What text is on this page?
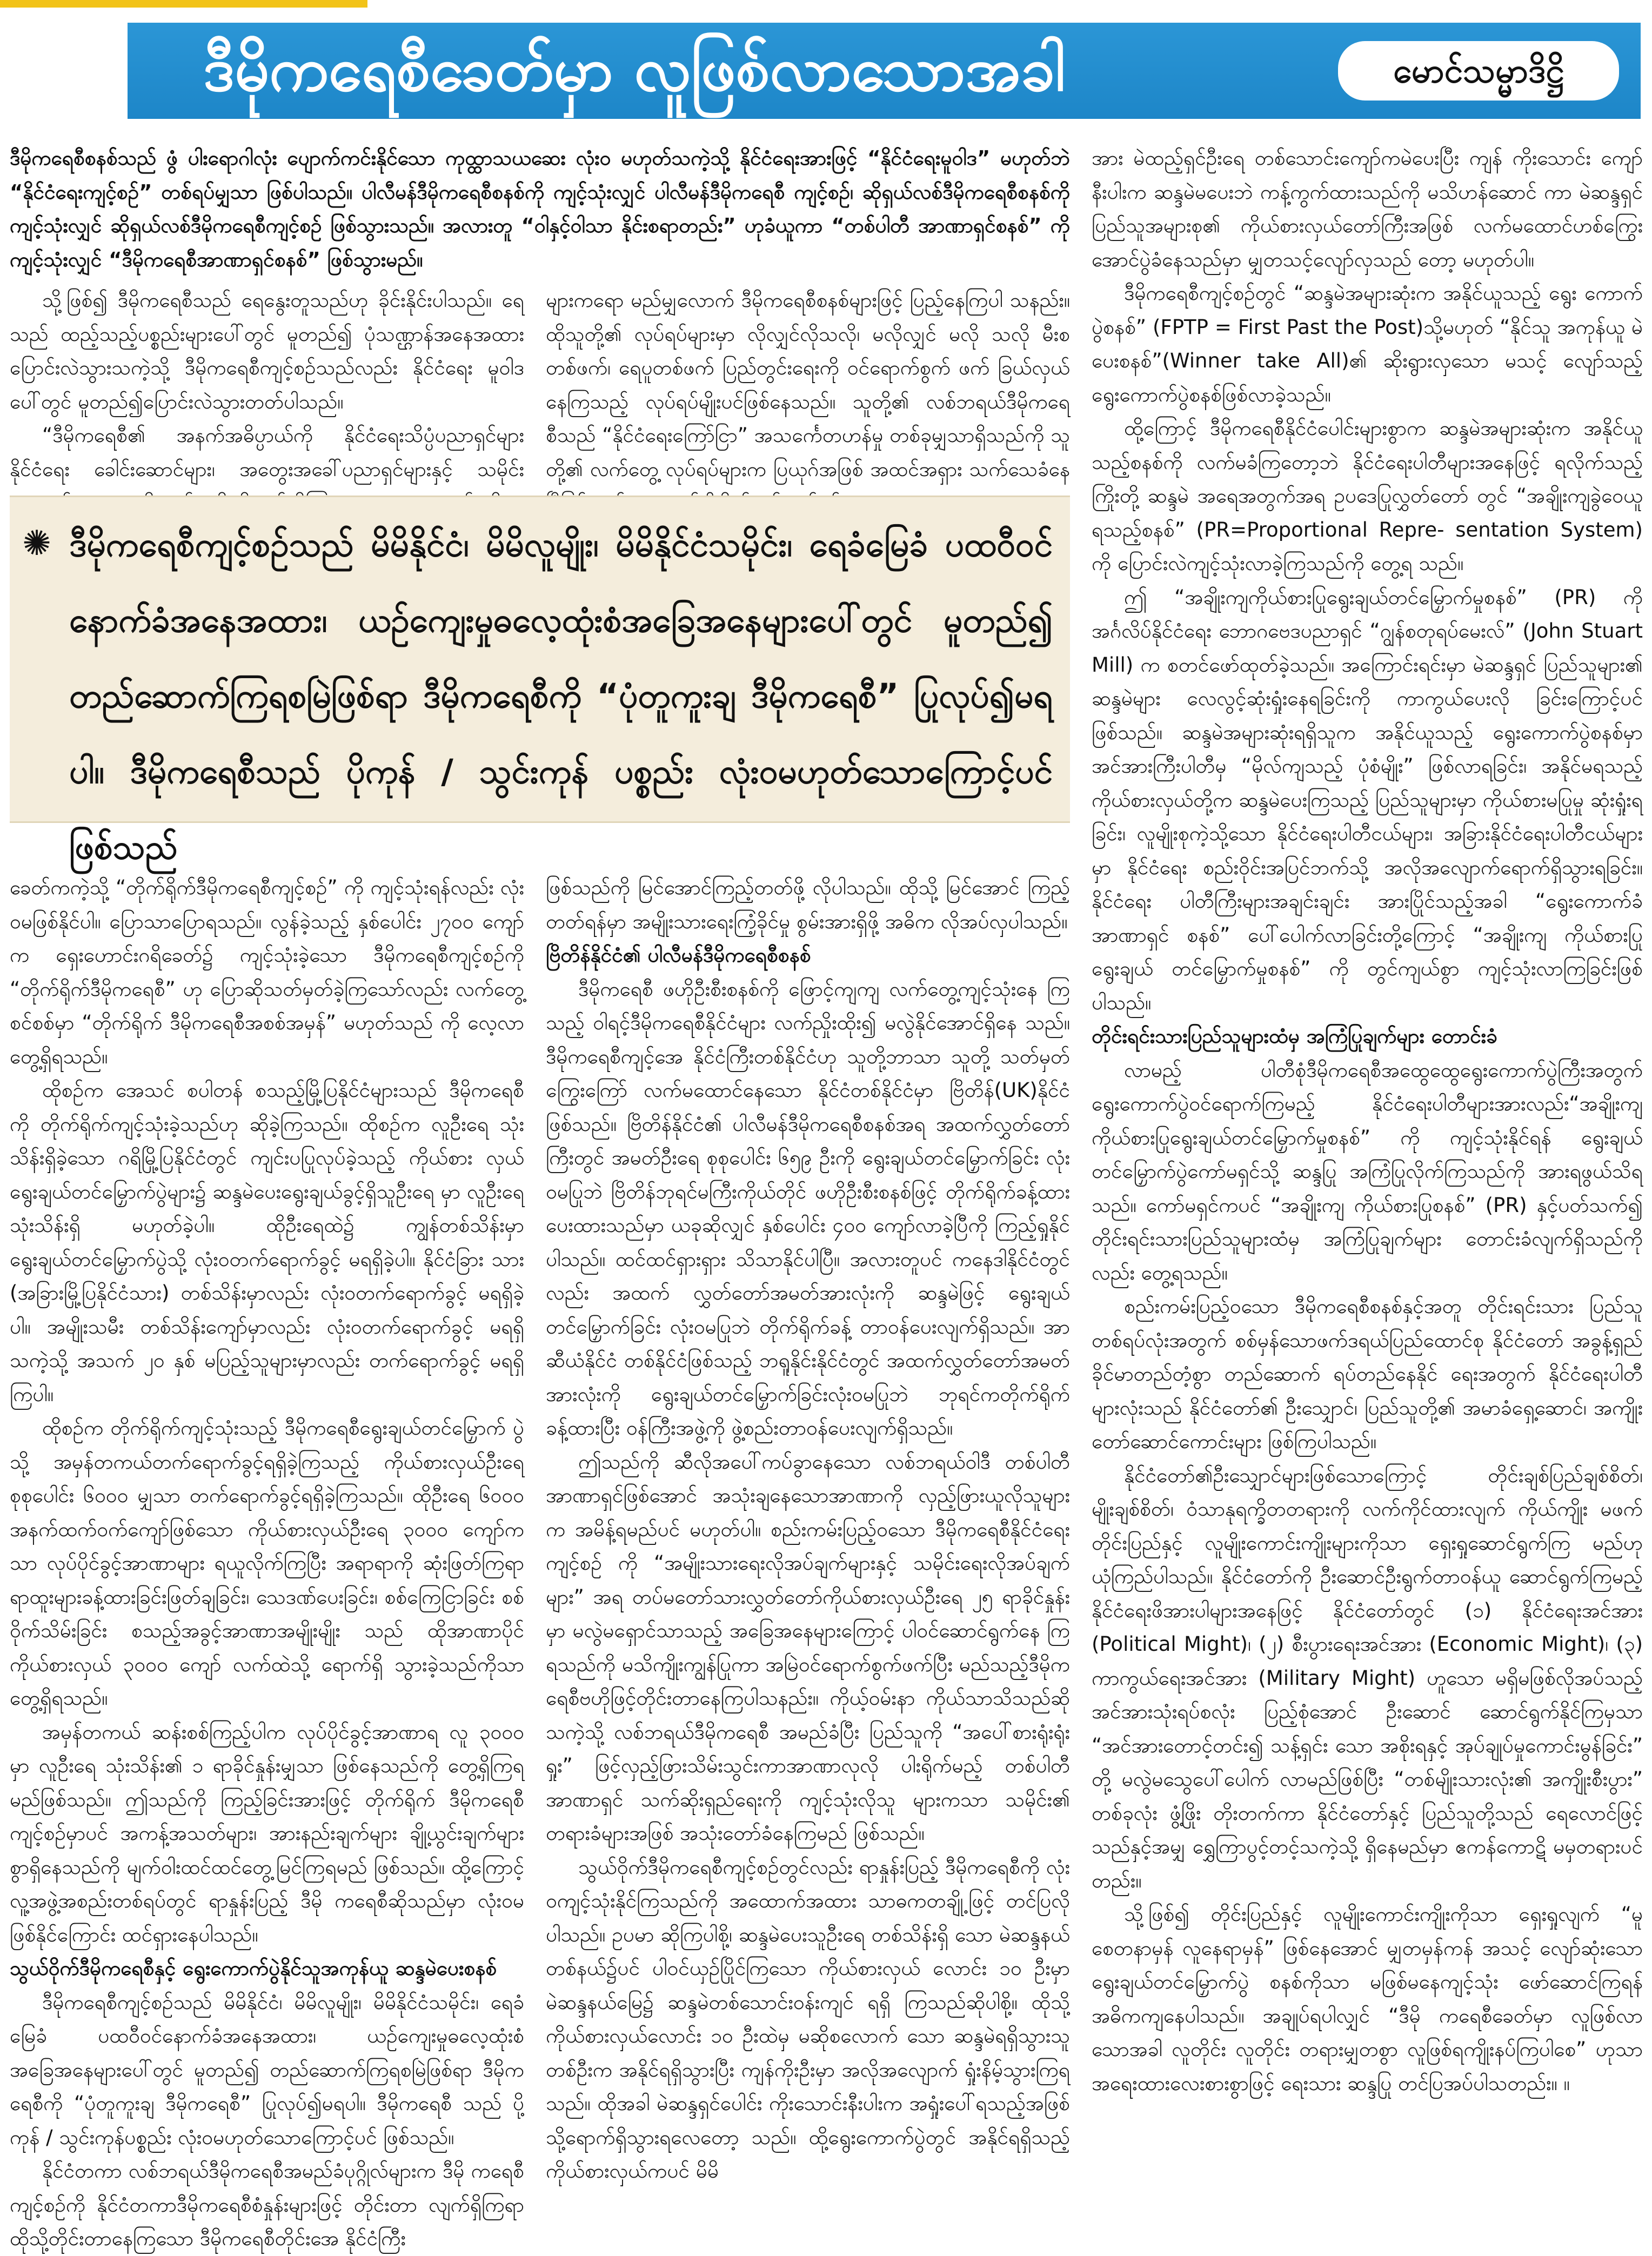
ဒီမိုကရေစီခေတ်မှာ လူဖြစ်လာသောအခါ	မောင်သမ္မာဒိဋ္ဌိ

ဒီမိုကရေစီစနစ်သည် ဖွံ ပါးရောဂါလုံး ပျောက်ကင်းနိုင်သော ကုထ္ထာသယဆေး လုံးဝ မဟုတ်သကဲ့သို့ နိုင်ငံရေးအားဖြင့် “နိုင်ငံရေးမူဝါဒ” မဟုတ်ဘဲ “နိုင်ငံရေးကျင့်စဉ်” တစ်ရပ်မျှသာ ဖြစ်ပါသည်။ ပါလီမန်ဒီမိုကရေစီစနစ်ကို ကျင့်သုံးလျှင် ပါလီမန်ဒီမိုကရေစီ ကျင့်စဉ်၊ ဆိုရှယ်လစ်ဒီမိုကရေစီစနစ်ကို ကျင့်သုံးလျှင် ဆိုရှယ်လစ်ဒီမိုကရေစီကျင့်စဉ် ဖြစ်သွားသည်။ အလားတူ “ဝါနှင့်ဝါသာ နိုင်းစရာတည်း” ဟုခံယူကာ “တစ်ပါတီ အာဏာရှင်စနစ်” ကို ကျင့်သုံးလျှင် “ဒီမိုကရေစီအာဏာရှင်စနစ်” ဖြစ်သွားမည်။

သို့ဖြစ်၍ ဒီမိုကရေစီသည် ရေနွေးတူသည်ဟု ခိုင်းနိုင်းပါသည်။ ရေသည် ထည့်သည့်ပစ္စည်းများပေါ်တွင် မူတည်၍ ပုံသဏ္ဌာန်အနေအထား ပြောင်းလဲသွားသကဲ့သို့ ဒီမိုကရေစီကျင့်စဉ်သည်လည်း နိုင်ငံရေး မူဝါဒပေါ်တွင် မူတည်၍ပြောင်းလဲသွားတတ်ပါသည်။

“ဒီမိုကရေစီ၏ အနက်အဓိပ္ပာယ်ကို နိုင်ငံရေးသိပ္ပံပညာရှင်များ နိုင်ငံရေး ခေါင်းဆောင်များ၊ အတွေးအခေါ်ပညာရှင်များနှင့် သမိုင်း

များကရော မည်မျှလောက် ဒီမိုကရေစီစနစ်များဖြင့် ပြည့်နေကြပါ သနည်း။ ထိုသူတို့၏ လုပ်ရပ်များမှာ လိုလျှင်လိုသလို၊ မလိုလျှင် မလို သလို မီးစ တစ်ဖက်၊ ရေပူတစ်ဖက် ပြည်တွင်းရေးကို ဝင်ရောက်စွက် ဖက် ခြယ်လှယ်နေကြသည့် လုပ်ရပ်မျိုးပင်ဖြစ်နေသည်။ သူတို့၏ လစ်ဘရယ်ဒီမိုကရေစီသည် “နိုင်ငံရေးကြော်ငြာ” အသင်္ကေတဟန်မှု တစ်ခုမျှသာရှိသည်ကို သူတို့၏ လက်တွေ့ လုပ်ရပ်များက ပြယုဂ်အဖြစ် အထင်အရှား သက်သေခံနေ

✺ ဒီမိုကရေစီကျင့်စဉ်သည် မိမိနိုင်ငံ၊ မိမိလူမျိုး၊ မိမိနိုင်ငံသမိုင်း၊ ရေခံမြေခံ ပထဝီဝင်နောက်ခံအနေအထား၊ ယဉ်ကျေးမှုဓလေ့ထုံးစံအခြေအနေများပေါ်တွင် မူတည်၍ တည်ဆောက်ကြရစမြဲဖြစ်ရာ ဒီမိုကရေစီကို “ပုံတူကူးချ ဒီမိုကရေစီ” ပြုလုပ်၍မရပါ။ ဒီမိုကရေစီသည် ပိုကုန် / သွင်းကုန် ပစ္စည်း လုံးဝမဟုတ်သောကြောင့်ပင်ဖြစ်သည်

ခေတ်ကကဲ့သို့ “တိုက်ရိုက်ဒီမိုကရေစီကျင့်စဉ်” ကို ကျင့်သုံးရန်လည်း လုံးဝမဖြစ်နိုင်ပါ။ ပြောသာပြောရသည်။ လွန်ခဲ့သည့် နှစ်ပေါင်း ၂၇၀၀ ကျော်က ရှေးဟောင်းဂရိခေတ်၌ ကျင့်သုံးခဲ့သော ဒီမိုကရေစီကျင့်စဉ်ကို “တိုက်ရိုက်ဒီမိုကရေစီ” ဟု ပြောဆိုသတ်မှတ်ခဲ့ကြသော်လည်း လက်တွေ့စင်စစ်မှာ “တိုက်ရိုက် ဒီမိုကရေစီအစစ်အမှန်” မဟုတ်သည် ကို လေ့လာတွေ့ရှိရသည်။

ထိုစဉ်က အေသင် စပါတန် စသည့်မြို့ပြနိုင်ငံများသည် ဒီမိုကရေစီ ကို တိုက်ရိုက်ကျင့်သုံးခဲ့သည်ဟု ဆိုခဲ့ကြသည်။ ထိုစဉ်က လူဦးရေ သုံးသိန်းရှိခဲ့သော ဂရိမြို့ပြနိုင်ငံတွင် ကျင်းပပြုလုပ်ခဲ့သည့် ကိုယ်စား လှယ် ရွေးချယ်တင်မြှောက်ပွဲများ၌ ဆန္ဒမဲပေးရွေးချယ်ခွင့်ရှိသူဦးရေ မှာ လူဦးရေ သုံးသိန်းရှိ မဟုတ်ခဲ့ပါ။ ထိုဦးရေထဲ၌ ကျွန်တစ်သိန်းမှာ ရွေးချယ်တင်မြှောက်ပွဲသို့ လုံးဝတက်ရောက်ခွင့် မရရှိခဲ့ပါ။ နိုင်ငံခြား သား (အခြားမြို့ပြနိုင်ငံသား) တစ်သိန်းမှာလည်း လုံးဝတက်ရောက်ခွင့် မရရှိခဲ့ပါ။ အမျိုးသမီး တစ်သိန်းကျော်မှာလည်း လုံးဝတက်ရောက်ခွင့် မရရှိသကဲ့သို့ အသက် ၂၀ နှစ် မပြည့်သူများမှာလည်း တက်ရောက်ခွင့် မရရှိကြပါ။

ထိုစဉ်က တိုက်ရိုက်ကျင့်သုံးသည့် ဒီမိုကရေစီရွေးချယ်တင်မြှောက် ပွဲသို့ အမှန်တကယ်တက်ရောက်ခွင့်ရရှိခဲ့ကြသည့် ကိုယ်စားလှယ်ဦးရေ စုစုပေါင်း ၆၀၀၀ မျှသာ တက်ရောက်ခွင့်ရရှိခဲ့ကြသည်။ ထိုဦးရေ ၆၀၀၀ အနက်ထက်ဝက်ကျော်ဖြစ်သော ကိုယ်စားလှယ်ဦးရေ ၃၀၀၀ ကျော်ကသာ လုပ်ပိုင်ခွင့်အာဏာများ ရယူလိုက်ကြပြီး အရာရာကို ဆုံးဖြတ်ကြရာ ရာထူးများခန့်ထားခြင်းဖြတ်ချခြင်း၊ သေဒဏ်ပေးခြင်း၊ စစ်ကြေငြာခြင်း စစ်ဝိုက်သိမ်းခြင်း စသည့်အခွင့်အာဏာအမျိုးမျိုး သည် ထိုအာဏာပိုင်ကိုယ်စားလှယ် ၃၀၀၀ ကျော် လက်ထဲသို့ ရောက်ရှိ သွားခဲ့သည်ကိုသာ တွေ့ရှိရသည်။

အမှန်တကယ် ဆန်းစစ်ကြည့်ပါက လုပ်ပိုင်ခွင့်အာဏာရ လူ ၃၀၀၀ မှာ လူဦးရေ သုံးသိန်း၏ ၁ ရာခိုင်နှုန်းမျှသာ ဖြစ်နေသည်ကို တွေ့ရှိကြရမည်ဖြစ်သည်။ ဤသည်ကို ကြည့်ခြင်းအားဖြင့် တိုက်ရိုက် ဒီမိုကရေစီကျင့်စဉ်မှာပင် အကန့်အသတ်များ၊ အားနည်းချက်များ ချို့ယွင်းချက်များစွာရှိနေသည်ကို မျက်ဝါးထင်ထင်တွေ့မြင်ကြရမည် ဖြစ်သည်။ ထို့ကြောင့် လူ့အဖွဲ့အစည်းတစ်ရပ်တွင် ရာနှုန်းပြည့် ဒီမို ကရေစီဆိုသည်မှာ လုံးဝမဖြစ်နိုင်ကြောင်း ထင်ရှားနေပါသည်။

သွယ်ဝိုက်ဒီမိုကရေစီနှင့် ရွေးကောက်ပွဲနိုင်သူအကုန်ယူ ဆန္ဒမဲပေးစနစ်

ဒီမိုကရေစီကျင့်စဉ်သည် မိမိနိုင်ငံ၊ မိမိလူမျိုး၊ မိမိနိုင်ငံသမိုင်း၊ ရေခံမြေခံ ပထဝီဝင်နောက်ခံအနေအထား၊ ယဉ်ကျေးမှုဓလေ့ထုံးစံ အခြေအနေများပေါ်တွင် မူတည်၍ တည်ဆောက်ကြရစမြဲဖြစ်ရာ ဒီမိုကရေစီကို “ပုံတူကူးချ ဒီမိုကရေစီ” ပြုလုပ်၍မရပါ။ ဒီမိုကရေစီ သည် ပို့ကုန် / သွင်းကုန်ပစ္စည်း လုံးဝမဟုတ်သောကြောင့်ပင် ဖြစ်သည်။

နိုင်ငံတကာ လစ်ဘရယ်ဒီမိုကရေစီအမည်ခံပုဂ္ဂိုလ်များက ဒီမို ကရေစီကျင့်စဉ်ကို နိုင်ငံတကာဒီမိုကရေစီစံနှုန်းများဖြင့် တိုင်းတာ လျက်ရှိကြရာ ထိုသို့တိုင်းတာနေကြသော ဒီမိုကရေစီတိုင်းအေ နိုင်ငံကြီး

ဖြစ်သည်ကို မြင်အောင်ကြည့်တတ်ဖို့ လိုပါသည်။ ထိုသို့ မြင်အောင် ကြည့်တတ်ရန်မှာ အမျိုးသားရေးကြံ့ခိုင်မှု စွမ်းအားရှိဖို့ အဓိက လိုအပ်လှပါသည်။

ဗြိတိန်နိုင်ငံ၏ ပါလီမန်ဒီမိုကရေစီစနစ်

ဒီမိုကရေစီ ဖဟိုဦးစီးစနစ်ကို ဖြောင့်ကျကျ လက်တွေ့ကျင့်သုံးနေ ကြသည့် ဝါရင့်ဒီမိုကရေစီနိုင်ငံများ လက်ညှိုးထိုး၍ မလွဲနိုင်အောင်ရှိနေ သည်။ ဒီမိုကရေစီကျင့်အေ နိုင်ငံကြီးတစ်နိုင်ငံဟု သူတို့ဘာသာ သူတို့ သတ်မှတ်ကြွေးကြော် လက်မထောင်နေသော နိုင်ငံတစ်နိုင်ငံမှာ ဗြိတိန်(UK)နိုင်ငံဖြစ်သည်။ ဗြိတိန်နိုင်ငံ၏ ပါလီမန်ဒီမိုကရေစီစနစ်အရ အထက်လွှတ်တော်ကြီးတွင် အမတ်ဦးရေ စုစုပေါင်း ၆၅၉ ဦးကို ရွေးချယ်တင်မြှောက်ခြင်း လုံးဝမပြုဘဲ ဗြိတိန်ဘုရင်မကြီးကိုယ်တိုင် ဖဟိုဦးစီးစနစ်ဖြင့် တိုက်ရိုက်ခန့်ထားပေးထားသည်မှာ ယခုဆိုလျှင် နှစ်ပေါင်း ၄၀၀ ကျော်လာခဲ့ပြီကို ကြည့်ရှုနိုင်ပါသည်။ ထင်ထင်ရှားရှား သိသာနိုင်ပါပြီ။ အလားတူပင် ကနေဒါနိုင်ငံတွင်လည်း အထက် လွှတ်တော်အမတ်အားလုံးကို ဆန္ဒမဲဖြင့် ရွေးချယ်တင်မြှောက်ခြင်း လုံးဝမပြုဘဲ တိုက်ရိုက်ခန့် တာဝန်ပေးလျက်ရှိသည်။ အာဆီယံနိုင်ငံ တစ်နိုင်ငံဖြစ်သည့် ဘရူနိုင်းနိုင်ငံတွင် အထက်လွှတ်တော်အမတ် အားလုံးကို ရွေးချယ်တင်မြှောက်ခြင်းလုံးဝမပြုဘဲ ဘုရင်ကတိုက်ရိုက် ခန့်ထားပြီး ဝန်ကြီးအဖွဲ့ကို ဖွဲ့စည်းတာဝန်ပေးလျက်ရှိသည်။

ဤသည်ကို ဆီလိုအပေါ်ကပ်ခွာနေသော လစ်ဘရယ်ဝါဒီ တစ်ပါတီ အာဏာရှင်ဖြစ်အောင် အသုံးချနေသောအာဏာကို လှည့်ဖြားယူလိုသူများက အမိန့်ရမည်ပင် မဟုတ်ပါ။ စည်းကမ်းပြည့်ဝသော ဒီမိုကရေစီနိုင်ငံရေးကျင့်စဉ် ကို “အမျိုးသားရေးလိုအပ်ချက်များနှင့် သမိုင်းရေးလိုအပ်ချက်များ” အရ တပ်မတော်သားလွှတ်တော်ကိုယ်စားလှယ်ဦးရေ ၂၅ ရာခိုင်နှုန်း မှာ မလွဲမရှောင်သာသည့် အခြေအနေများကြောင့် ပါဝင်ဆောင်ရွက်နေ ကြရသည်ကို မသိကျိုးကျွန်ပြုကာ အမြဲဝင်ရောက်စွက်ဖက်ပြီး မည်သည့်ဒီမိုကရေစီဗဟိုဖြင့်တိုင်းတာနေကြပါသနည်း။ ကိုယ့်ဝမ်းနာ ကိုယ်သာသိသည်ဆိုသကဲ့သို့ လစ်ဘရယ်ဒီမိုကရေစီ အမည်ခံပြီး ပြည်သူကို “အပေါ်စားရုံးရုံးရှုး” ဖြင့်လှည့်ဖြားသိမ်းသွင်းကာအာဏာလုလို ပါးရိုက်မည့် တစ်ပါတီအာဏာရှင် သက်ဆိုးရှည်ရေးကို ကျင့်သုံးလိုသူ များကသာ သမိုင်း၏ တရားခံများအဖြစ် အသုံးတော်ခံနေကြမည် ဖြစ်သည်။

သွယ်ဝိုက်ဒီမိုကရေစီကျင့်စဉ်တွင်လည်း ရာနှုန်းပြည့် ဒီမိုကရေစီကို လုံးဝကျင့်သုံးနိုင်ကြသည်ကို အထောက်အထား သာဓကတချို့ဖြင့် တင်ပြလိုပါသည်။ ဥပမာ ဆိုကြပါစို့၊ ဆန္ဒမဲပေးသူဦးရေ တစ်သိန်းရှိ သော မဲဆန္ဒနယ်တစ်နယ်၌ပင် ပါဝင်ယှဉ်ပြိုင်ကြသော ကိုယ်စားလှယ် လောင်း ၁၀ ဦးမှာ မဲဆန္ဒနယ်မြေ၌ ဆန္ဒမဲတစ်သောင်းဝန်းကျင် ရရှိ ကြသည်ဆိုပါစို့။ ထိုသို့ကိုယ်စားလှယ်လောင်း ၁၀ ဦးထဲမှ မဆိုစလောက် သော ဆန္ဒမဲရရှိသွားသူတစ်ဦးက အနိုင်ရရှိသွားပြီး ကျန်ကိုးဦးမှာ အလိုအလျောက် ရှုံးနိမ့်သွားကြရသည်။ ထိုအခါ မဲဆန္ဒရှင်ပေါင်း ကိုးသောင်းနီးပါးက အရှုံးပေါ်ရသည့်အဖြစ်သို့ရောက်ရှိသွားရလေတော့ သည်။ ထို့ရွေးကောက်ပွဲတွင် အနိုင်ရရှိသည့် ကိုယ်စားလှယ်ကပင် မိမိ

အား မဲထည့်ရှင်ဦးရေ တစ်သောင်းကျော်ကမဲပေးပြီး ကျန် ကိုးသောင်း ကျော်နီးပါးက ဆန္ဒမဲမပေးဘဲ ကန့်ကွက်ထားသည်ကို မသိဟန်ဆောင် ကာ မဲဆန္ဒရှင်ပြည်သူအများစု၏ ကိုယ်စားလှယ်တော်ကြီးအဖြစ် လက်မထောင်ဟစ်ကြွေးအောင်ပွဲခံနေသည်မှာ မျှတသင့်လျော်လှသည် တော့ မဟုတ်ပါ။

ဒီမိုကရေစီကျင့်စဉ်တွင် “ဆန္ဒမဲအများဆုံးက အနိုင်ယူသည့် ရွေး ကောက်ပွဲစနစ်” (FPTP = First Past the Post)သို့မဟုတ် “နိုင်သူ အကုန်ယူ မဲပေးစနစ်”(Winner take All)၏ ဆိုးရွားလှသော မသင့် လျော်သည့် ရွေးကောက်ပွဲစနစ်ဖြစ်လာခဲ့သည်။

ထို့ကြောင့် ဒီမိုကရေစီနိုင်ငံပေါင်းများစွာက ဆန္ဒမဲအများဆုံးက အနိုင်ယူသည့်စနစ်ကို လက်မခံကြတော့ဘဲ နိုင်ငံရေးပါတီများအနေဖြင့် ရလိုက်သည့်ကြိုးတို့ ဆန္ဒမဲ အရေအတွက်အရ ဥပဒေပြုလွှတ်တော် တွင် “အချိုးကျခွဲဝေယူရသည့်စနစ်” (PR=Proportional Repre- sentation System) ကို ပြောင်းလဲကျင့်သုံးလာခဲ့ကြသည်ကို တွေ့ရ သည်။

ဤ “အချိုးကျကိုယ်စားပြုရွေးချယ်တင်မြှောက်မှုစနစ်” (PR) ကို အင်္ဂလိပ်နိုင်ငံရေး ဘောဂဗေဒပညာရှင် “ဂျွန်စတုရပ်မေးလ်” (John Stuart Mill) က စတင်ဖော်ထုတ်ခဲ့သည်။ အကြောင်းရင်းမှာ မဲဆန္ဒရှင် ပြည်သူများ၏ ဆန္ဒမဲများ လေလွင့်ဆုံးရှုံးနေရခြင်းကို ကာကွယ်ပေးလို ခြင်းကြောင့်ပင် ဖြစ်သည်။ ဆန္ဒမဲအများဆုံးရရှိသူက အနိုင်ယူသည့် ရွေးကောက်ပွဲစနစ်မှာ အင်အားကြီးပါတီမှ “မိုလ်ကျသည့် ပုံစံမျိုး” ဖြစ်လာရခြင်း၊ အနိုင်မရသည့် ကိုယ်စားလှယ်တို့က ဆန္ဒမဲပေးကြသည့် ပြည်သူများမှာ ကိုယ်စားမပြုမှု ဆုံးရှုံးရခြင်း၊ လူမျိုးစုကဲ့သို့သော နိုင်ငံရေးပါတီငယ်များ၊ အခြားနိုင်ငံရေးပါတီငယ်များမှာ နိုင်ငံရေး စည်းဝိုင်းအပြင်ဘက်သို့ အလိုအလျောက်ရောက်ရှိသွားရခြင်း။ နိုင်ငံရေး ပါတီကြီးများအချင်းချင်း အားပြိုင်သည့်အခါ “ရွေးကောက်ခံအာဏာရှင် စနစ်” ပေါ်ပေါက်လာခြင်းတို့ကြောင့် “အချိုးကျ ကိုယ်စားပြု ရွေးချယ် တင်မြှောက်မှုစနစ်” ကို တွင်ကျယ်စွာ ကျင့်သုံးလာကြခြင်းဖြစ်ပါသည်။

တိုင်းရင်းသားပြည်သူများထံမှ အကြံပြုချက်များ တောင်းခံ

လာမည့် ပါတီစုံဒီမိုကရေစီအထွေထွေရွေးကောက်ပွဲကြီးအတွက် ရွေးကောက်ပွဲဝင်ရောက်ကြမည့် နိုင်ငံရေးပါတီများအားလည်း“အချိုးကျ ကိုယ်စားပြုရွေးချယ်တင်မြှောက်မှုစနစ်” ကို ကျင့်သုံးနိုင်ရန် ရွေးချယ် တင်မြှောက်ပွဲကော်မရှင်သို့ ဆန္ဒပြု အကြံပြုလိုက်ကြသည်ကို အားရဖွယ်သိရသည်။ ကော်မရှင်ကပင် “အချိုးကျ ကိုယ်စားပြုစနစ်” (PR) နှင့်ပတ်သက်၍ တိုင်းရင်းသားပြည်သူများထံမှ အကြံပြုချက်များ တောင်းခံလျက်ရှိသည်ကိုလည်း တွေ့ရသည်။

စည်းကမ်းပြည့်ဝသော ဒီမိုကရေစီစနစ်နှင့်အတူ တိုင်းရင်းသား ပြည်သူတစ်ရပ်လုံးအတွက် စစ်မှန်သောဖက်ဒရယ်ပြည်ထောင်စု နိုင်ငံတော် အခွန့်ရှည်ခိုင်မာတည်တံ့စွာ တည်ဆောက် ရပ်တည်နေနိုင် ရေးအတွက် နိုင်ငံရေးပါတီများလုံးသည် နိုင်ငံတော်၏ ဦးသျှောင်၊ ပြည်သူတို့၏ အမာခံရှေ့ဆောင်၊ အကျိုးတော်ဆောင်ကောင်းများ ဖြစ်ကြပါသည်။

နိုင်ငံတော်၏ဦးသျှောင်များဖြစ်သောကြောင့် တိုင်းချစ်ပြည်ချစ်စိတ်၊ မျိုးချစ်စိတ်၊ ဝံသာနုရက္ခိတတရားကို လက်ကိုင်ထားလျက် ကိုယ်ကျိုး မဖက် တိုင်းပြည်နှင့် လူမျိုးကောင်းကျိုးများကိုသာ ရှေးရှုဆောင်ရွက်ကြ မည်ဟု ယုံကြည်ပါသည်။ နိုင်ငံတော်ကို ဦးဆောင်ဦးရွက်တာဝန်ယူ ဆောင်ရွက်ကြမည့် နိုင်ငံရေးဖိအားပါများအနေဖြင့် နိုင်ငံတော်တွင် (၁) နိုင်ငံရေးအင်အား (Political Might)၊ (၂) စီးပွားရေးအင်အား (Economic Might)၊ (၃) ကာကွယ်ရေးအင်အား (Military Might) ဟူသော မရှိမဖြစ်လိုအပ်သည့် အင်အားသုံးရပ်စလုံး ပြည့်စုံအောင် ဦးဆောင် ဆောင်ရွက်နိုင်ကြမှသာ “အင်အားတောင့်တင်း၍ သန့်ရှင်း သော အစိုးရနှင့် အုပ်ချုပ်မှုကောင်းမွန်ခြင်း” တို့ မလွဲမသွေပေါ်ပေါက် လာမည်ဖြစ်ပြီး “တစ်မျိုးသားလုံး၏ အကျိုးစီးပွား” တစ်ခုလုံး ဖွံ့ဖြိုး တိုးတက်ကာ နိုင်ငံတော်နှင့် ပြည်သူတို့သည် ရေလောင်ဖြင့်သည်နှင့်အမျှ ရွှေကြာပွင့်တင့်သကဲ့သို့ ရှိနေမည်မှာ ဧကန်ကောဋိ မမှတရားပင် တည်း။

သို့ဖြစ်၍ တိုင်းပြည်နှင့် လူမျိုးကောင်းကျိုးကိုသာ ရှေးရှုလျက် “မူ စေတနာမှန် လူနေရာမှန်” ဖြစ်နေအောင် မျှတမှန်ကန် အသင့် လျော်ဆုံးသော ရွေးချယ်တင်မြှောက်ပွဲ စနစ်ကိုသာ မဖြစ်မနေကျင့်သုံး ဖော်ဆောင်ကြရန် အဓိကကျနေပါသည်။ အချုပ်ရပါလျှင် “ဒီမို ကရေစီခေတ်မှာ လူဖြစ်လာသောအခါ လူတိုင်း လူတိုင်း တရားမျှတစွာ လူဖြစ်ရကျိုးနပ်ကြပါစေ” ဟုသာ အရေးထားလေးစားစွာဖြင့် ရေးသား ဆန္ဒပြု တင်ပြအပ်ပါသတည်း။ ။
